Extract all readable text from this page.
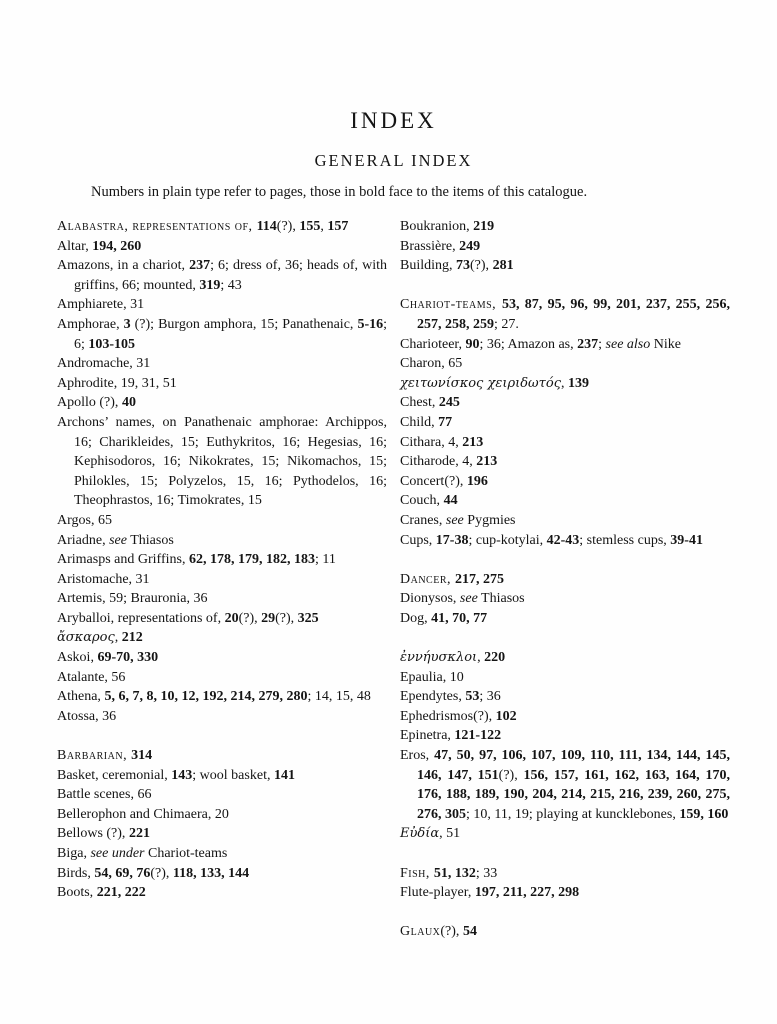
INDEX
GENERAL INDEX

Numbers in plain type refer to pages, those in bold face to the items of this catalogue.

Alabastra, representations of, 114(?), 155, 157

Altar, 194, 260

Amazons, in a chariot, 237; 6; dress of, 36; heads of, with griffins, 66; mounted, 319; 43

Amphiarete, 31

Amphorae, 3 (?); Burgon amphora, 15; Panathenaic, 5-16; 6; 103-105

Andromache, 31

Aphrodite, 19, 31, 51

Apollo (?), 40

Archons’ names, on Panathenaic amphorae: Archippos, 16; Charikleides, 15; Euthykritos, 16; Hegesias, 16; Kephisodoros, 16; Nikokrates, 15; Nikomachos, 15; Philokles, 15; Polyzelos, 15, 16; Pythodelos, 16; Theophrastos, 16; Timokrates, 15

Argos, 65

Ariadne, see Thiasos

Arimasps and Griffins, 62, 178, 179, 182, 183; 11

Aristomache, 31

Artemis, 59; Brauronia, 36

Aryballoi, representations of, 20(?), 29(?), 325

ἄσκαρος, 212

Askoi, 69-70, 330

Atalante, 56

Athena, 5, 6, 7, 8, 10, 12, 192, 214, 279, 280; 14, 15, 48

Atossa, 36

Barbarian, 314

Basket, ceremonial, 143; wool basket, 141

Battle scenes, 66

Bellerophon and Chimaera, 20

Bellows (?), 221

Biga, see under Chariot-teams

Birds, 54, 69, 76(?), 118, 133, 144

Boots, 221, 222

Boukranion, 219

Brassière, 249

Building, 73(?), 281

Chariot-teams, 53, 87, 95, 96, 99, 201, 237, 255, 256, 257, 258, 259; 27.

Charioteer, 90; 36; Amazon as, 237; see also Nike

Charon, 65

χειτωνίσκος χειριδωτός, 139

Chest, 245

Child, 77

Cithara, 4, 213

Citharode, 4, 213

Concert(?), 196

Couch, 44

Cranes, see Pygmies

Cups, 17-38; cup-kotylai, 42-43; stemless cups, 39-41

Dancer, 217, 275

Dionysos, see Thiasos

Dog, 41, 70, 77

ἐννήυσκλοι, 220

Epaulia, 10

Ependytes, 53; 36

Ephedrismos(?), 102

Epinetra, 121-122

Eros, 47, 50, 97, 106, 107, 109, 110, 111, 134, 144, 145, 146, 147, 151(?), 156, 157, 161, 162, 163, 164, 170, 176, 188, 189, 190, 204, 214, 215, 216, 239, 260, 275, 276, 305; 10, 11, 19; playing at kuncklebones, 159, 160

Εὐδία, 51

Fish, 51, 132; 33

Flute-player, 197, 211, 227, 298

Glaux(?), 54
